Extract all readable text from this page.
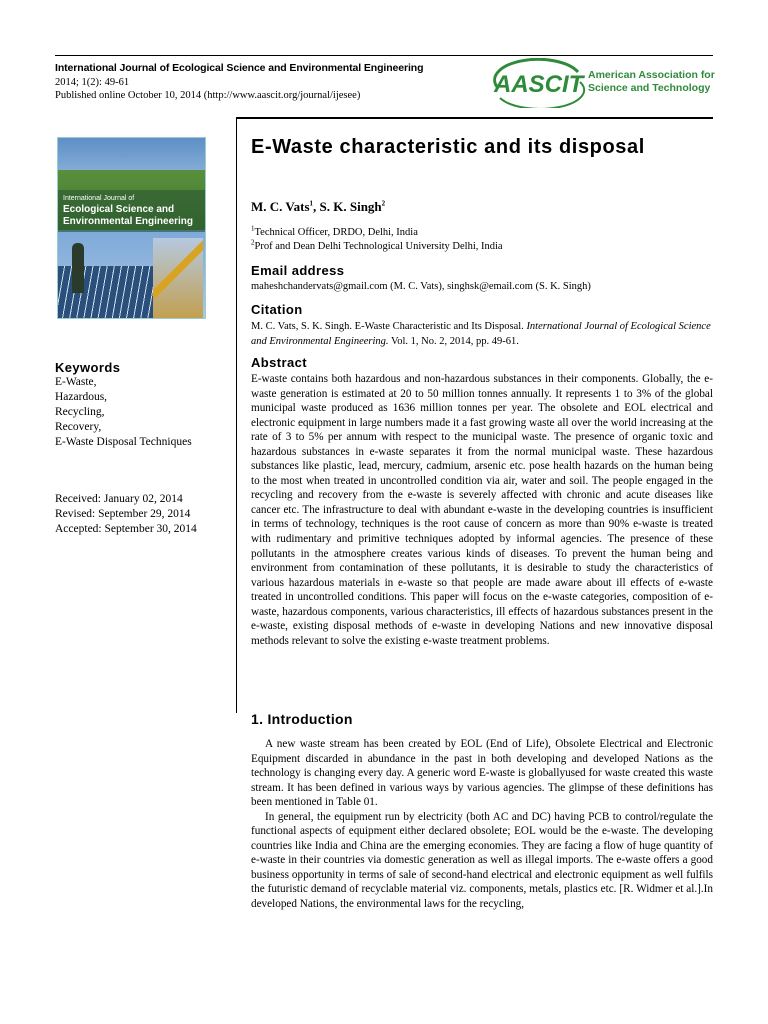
International Journal of Ecological Science and Environmental Engineering
2014; 1(2): 49-61
Published online October 10, 2014 (http://www.aascit.org/journal/ijesee)	AASCIT American Association for
Science and Technology
International Journal of
Ecological Science and
Environmental Engineering
Keywords
E-Waste,
Hazardous,
Recycling,
Recovery,
E-Waste Disposal Techniques
Received: January 02, 2014
Revised: September 29, 2014
Accepted: September 30, 2014
E-Waste characteristic and its disposal
M. C. Vats$^1$, S. K. Singh$^2$
$^1$Technical Officer, DRDO, Delhi, India
$^2$Prof and Dean Delhi Technological University Delhi, India
Email address
maheshchandervats@gmail.com (M. C. Vats), singhsk@email.com (S. K. Singh)
Citation
M. C. Vats, S. K. Singh. E-Waste Characteristic and Its Disposal. International Journal of Ecological Science and Environmental Engineering. Vol. 1, No. 2, 2014, pp. 49-61.
Abstract
E-waste contains both hazardous and non-hazardous substances in their components. Globally, the e-waste generation is estimated at 20 to 50 million tonnes annually. It represents 1 to 3% of the global municipal waste produced as 1636 million tonnes per year. The obsolete and EOL electrical and electronic equipment in large numbers made it a fast growing waste all over the world increasing at the rate of 3 to 5% per annum with respect to the municipal waste. The presence of organic toxic and hazardous substances in e-waste separates it from the normal municipal waste. These hazardous substances like plastic, lead, mercury, cadmium, arsenic etc. pose health hazards on the human being to the most when treated in uncontrolled condition via air, water and soil. The people engaged in the recycling and recovery from the e-waste is severely affected with chronic and acute diseases like cancer etc. The infrastructure to deal with abundant e-waste in the developing countries is insufficient in terms of technology, techniques is the root cause of concern as more than 90% e-waste is treated with rudimentary and primitive techniques adopted by informal agencies. The presence of these pollutants in the atmosphere creates various kinds of diseases. To prevent the human being and environment from contamination of these pollutants, it is desirable to study the characteristics of various hazardous materials in e-waste so that people are made aware about ill effects of e-waste treated in uncontrolled conditions. This paper will focus on the e-waste categories, composition of e-waste, hazardous components, various characteristics, ill effects of hazardous substances present in the e-waste, existing disposal methods of e-waste in developing Nations and new innovative disposal methods relevant to solve the existing e-waste treatment problems.
1. Introduction

A new waste stream has been created by EOL (End of Life), Obsolete Electrical and Electronic Equipment discarded in abundance in the past in both developing and developed Nations as the technology is changing every day. A generic word E-waste is globallyused for waste created this waste stream. It has been defined in various ways by various agencies. The glimpse of these definitions has been mentioned in Table 01.

In general, the equipment run by electricity (both AC and DC) having PCB to control/regulate the functional aspects of equipment either declared obsolete; EOL would be the e-waste. The developing countries like India and China are the emerging economies. They are facing a flow of huge quantity of e-waste in their countries via domestic generation as well as illegal imports. The e-waste offers a good business opportunity in terms of sale of second-hand electrical and electronic equipment as well fulfils the futuristic demand of recyclable material viz. components, metals, plastics etc. [R. Widmer et al.].In developed Nations, the environmental laws for the recycling,
